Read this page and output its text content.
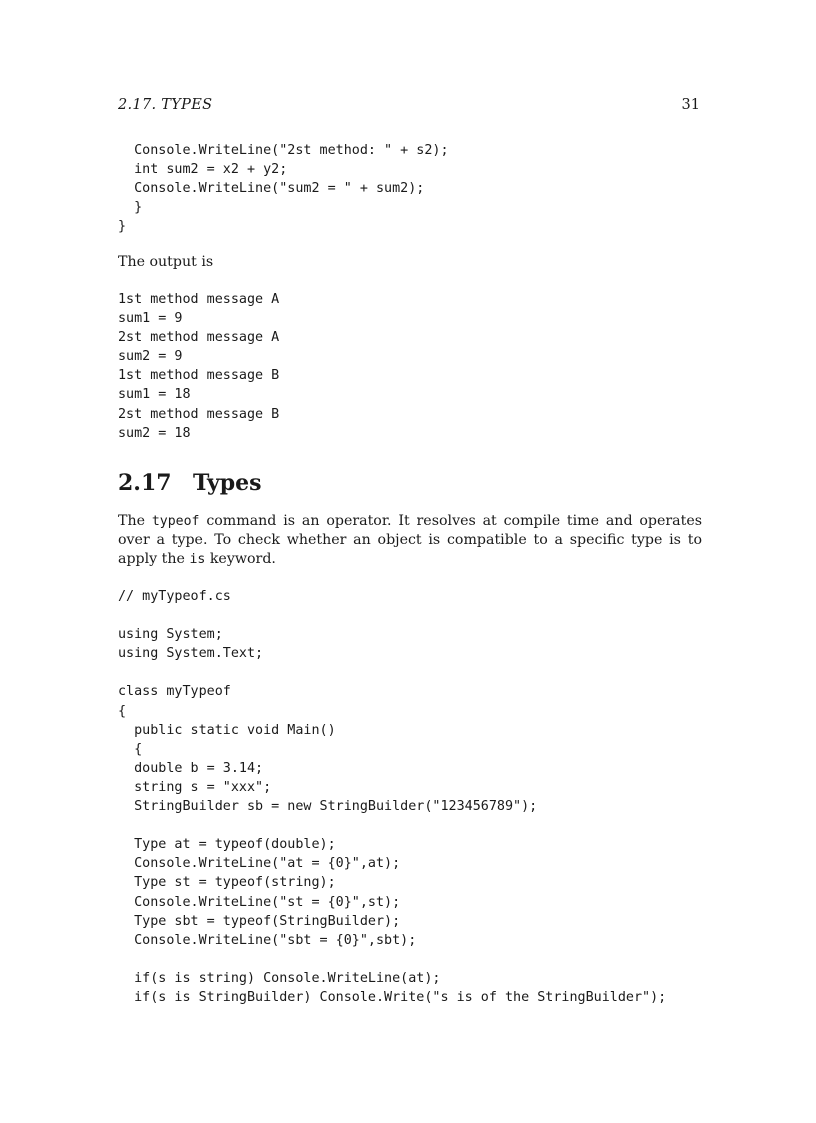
2.17. TYPES	31
Console.WriteLine("2st method: " + s2);
int sum2 = x2 + y2;
Console.WriteLine("sum2 = " + sum2);
}
}

The output is

1st method message A
sum1 = 9
2st method message A
sum2 = 9
1st method message B
sum1 = 18
2st method message B
sum2 = 18
2.17 Types

The typeof command is an operator. It resolves at compile time and operates over a type. To check whether an object is compatible to a specific type is to apply the is keyword.

// myTypeof.cs

using System;
using System.Text;

class myTypeof
{
public static void Main()
{
double b = 3.14;
string s = "xxx";
StringBuilder sb = new StringBuilder("123456789");

Type at = typeof(double);
Console.WriteLine("at = {0}",at);
Type st = typeof(string);
Console.WriteLine("st = {0}",st);
Type sbt = typeof(StringBuilder);
Console.WriteLine("sbt = {0}",sbt);

if(s is string) Console.WriteLine(at);
if(s is StringBuilder) Console.Write("s is of the StringBuilder");
